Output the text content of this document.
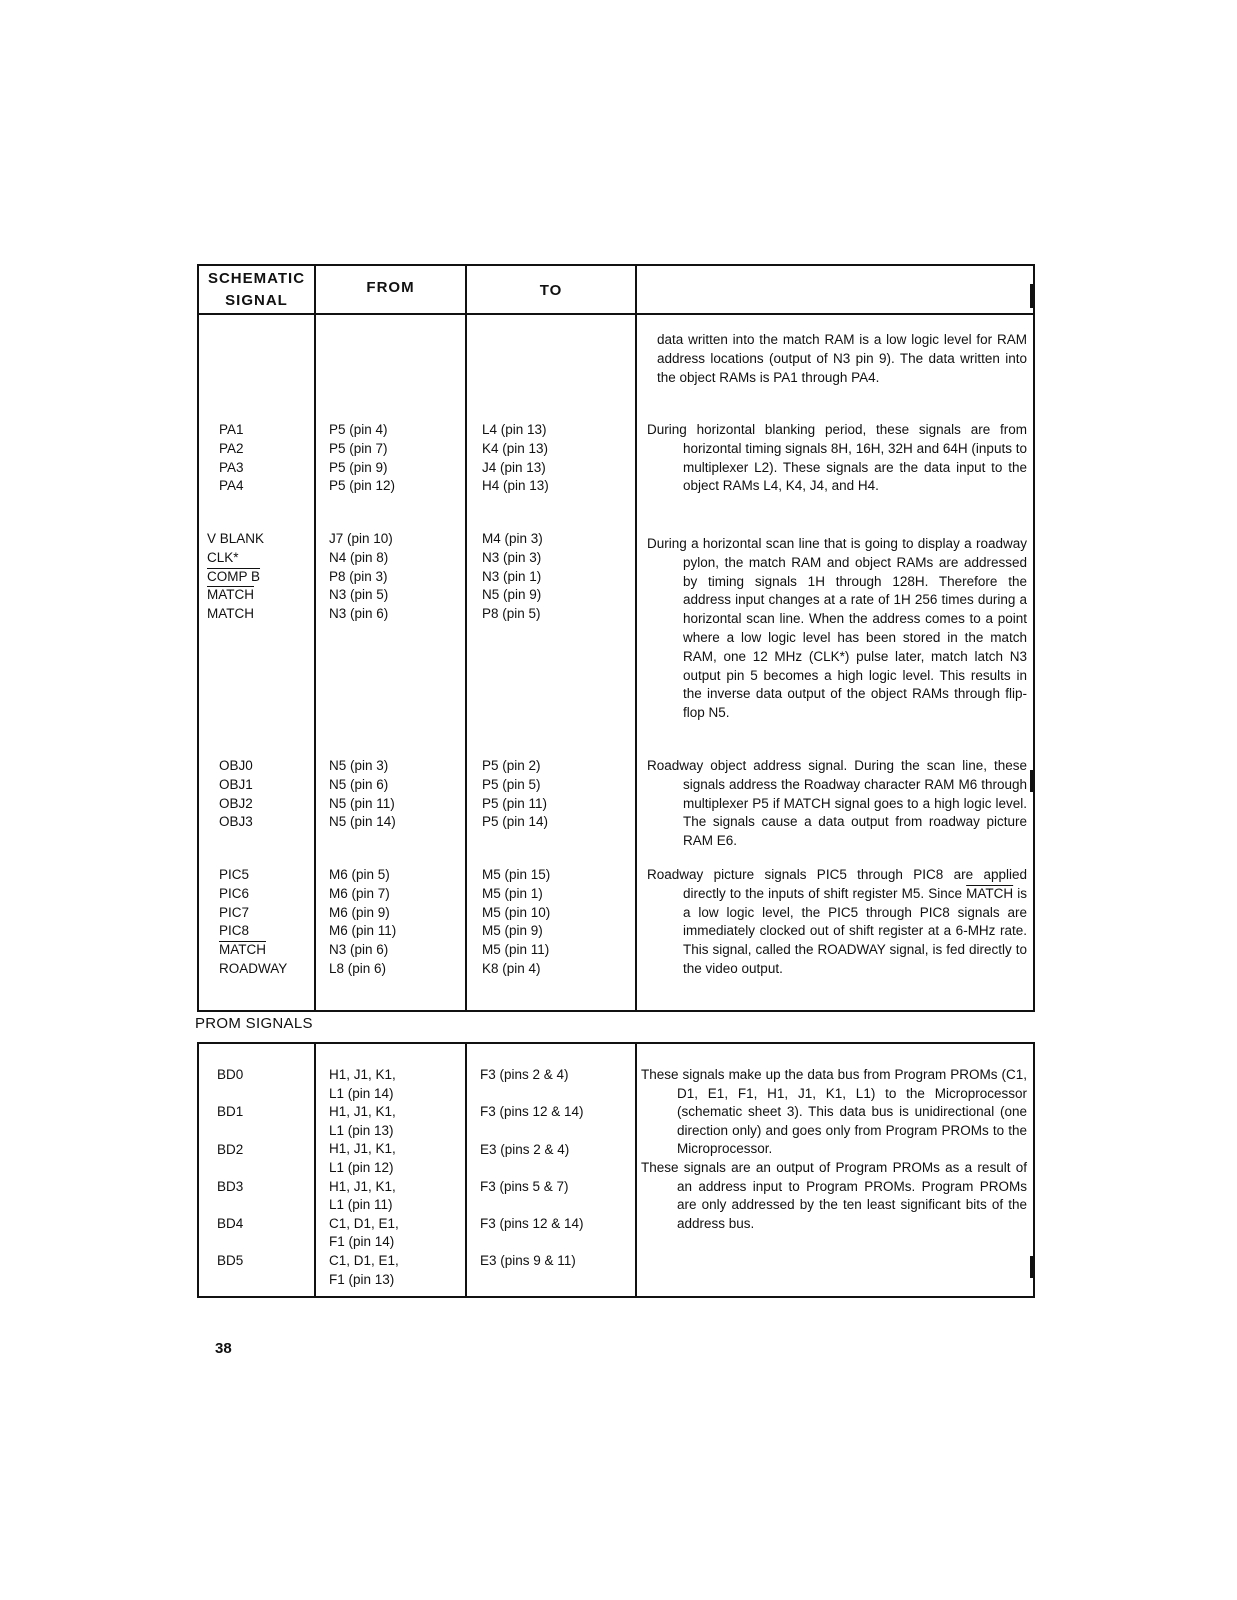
SCHEMATIC
SIGNAL
FROM	TO

data written into the match RAM is a low logic level for RAM address locations (output of N3 pin 9). The data written into the object RAMs is PA1 through PA4.

PA1
PA2
PA3
PA4
P5 (pin 4)
P5 (pin 7)
P5 (pin 9)
P5 (pin 12)
L4 (pin 13)
K4 (pin 13)
J4 (pin 13)
H4 (pin 13)

During horizontal blanking period, these signals are from horizontal timing signals 8H, 16H, 32H and 64H (inputs to multiplexer L2). These signals are the data input to the object RAMs L4, K4, J4, and H4.

V BLANK
CLK*
COMP B
MATCH
MATCH
J7 (pin 10)
N4 (pin 8)
P8 (pin 3)
N3 (pin 5)
N3 (pin 6)
M4 (pin 3)
N3 (pin 3)
N3 (pin 1)
N5 (pin 9)
P8 (pin 5)

During a horizontal scan line that is going to display a roadway pylon, the match RAM and object RAMs are addressed by timing signals 1H through 128H. Therefore the address input changes at a rate of 1H 256 times during a horizontal scan line. When the address comes to a point where a low logic level has been stored in the match RAM, one 12 MHz (CLK*) pulse later, match latch N3 output pin 5 becomes a high logic level. This results in the inverse data output of the object RAMs through flip-flop N5.

OBJ0
OBJ1
OBJ2
OBJ3
N5 (pin 3)
N5 (pin 6)
N5 (pin 11)
N5 (pin 14)
P5 (pin 2)
P5 (pin 5)
P5 (pin 11)
P5 (pin 14)

Roadway object address signal. During the scan line, these signals address the Roadway character RAM M6 through multiplexer P5 if MATCH signal goes to a high logic level. The signals cause a data output from roadway picture RAM E6.

PIC5
PIC6
PIC7
PIC8
MATCH
ROADWAY
M6 (pin 5)
M6 (pin 7)
M6 (pin 9)
M6 (pin 11)
N3 (pin 6)
L8 (pin 6)
M5 (pin 15)
M5 (pin 1)
M5 (pin 10)
M5 (pin 9)
M5 (pin 11)
K8 (pin 4)

Roadway picture signals PIC5 through PIC8 are applied directly to the inputs of shift register M5. Since MATCH is a low logic level, the PIC5 through PIC8 signals are immediately clocked out of shift register at a 6-MHz rate. This signal, called the ROADWAY signal, is fed directly to the video output.

PROM SIGNALS
BD0
BD1
BD2
BD3
BD4
BD5
H1, J1, K1,
L1 (pin 14)
H1, J1, K1,
L1 (pin 13)
H1, J1, K1,
L1 (pin 12)
H1, J1, K1,
L1 (pin 11)
C1, D1, E1,
F1 (pin 14)
C1, D1, E1,
F1 (pin 13)
F3 (pins 2 & 4)
F3 (pins 12 & 14)
E3 (pins 2 & 4)
F3 (pins 5 & 7)
F3 (pins 12 & 14)
E3 (pins 9 & 11)

These signals make up the data bus from Program PROMs (C1, D1, E1, F1, H1, J1, K1, L1) to the Microprocessor (schematic sheet 3). This data bus is unidirectional (one direction only) and goes only from Program PROMs to the Microprocessor.

These signals are an output of Program PROMs as a result of an address input to Program PROMs. Program PROMs are only addressed by the ten least significant bits of the address bus.

38
